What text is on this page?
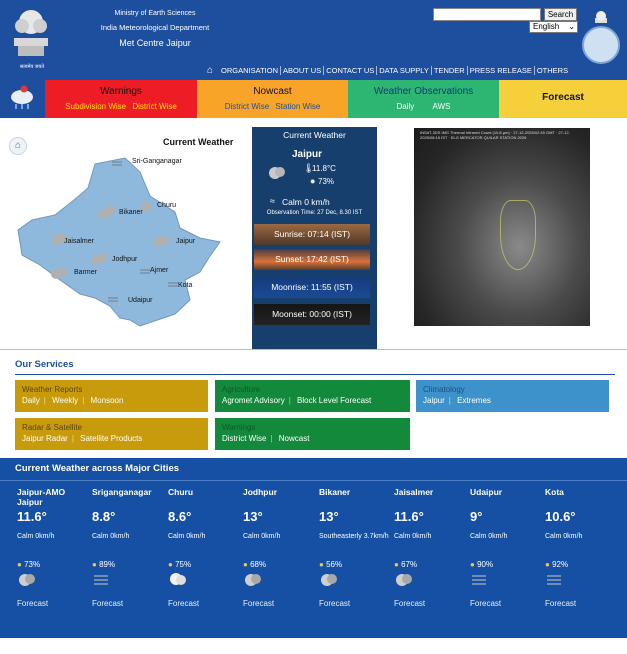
सत्यमेव जयते
Ministry of Earth Sciences
India Meteorological Department
Met Centre Jaipur
Search
English ⌄
⌂ ORGANISATION ABOUT US CONTACT US DATA SUPPLY TENDER PRESS RELEASE OTHERS
Warnings
Subdivision Wise District Wise
Nowcast
District Wise Station Wise
Weather Observations
Daily AWS
Forecast
⌂	Current Weather
Sri-Ganganagar
Churu
Bikaner
Jaisalmer
Jodhpur
Jaipur
Barmer	Ajmer
Kota
Udaipur
Current Weather
Jaipur
🌡
11.8°C
● 73%
≈ Calm 0 km/h
Observation Time: 27 Dec, 8.30 IST
Sunrise: 07:14 (IST)
Sunset: 17:42 (IST)
Moonrise: 11:55 (IST)
Moonset: 00:00 (IST)
INSAT-3DS IMG Thermal Infrared Count (10.8 µm) · 27-12-2025/02:45 GMT · 27-12-2025/08:15 IST · ELG MERCATOR QUILAR STATION 2026
Our Services
Weather Reports
Daily | Weekly | Monsoon
Agriculture
Agromet Advisory | Block Level Forecast
Climatology
Jaipur | Extremes
Radar & Satellite
Jaipur Radar | Satellite Products
Warnings
District Wise | Nowcast
Current Weather across Major Cities
Jaipur-AMO Jaipur
11.6°
Calm 0km/h
● 73%
Forecast
Sriganganagar
8.8°
Calm 0km/h
● 89%
Forecast
Churu
8.6°
Calm 0km/h
● 75%
Forecast
Jodhpur
13°
Calm 0km/h
● 68%
Forecast
Bikaner
13°
Southeasterly 3.7km/h
● 56%
Forecast
Jaisalmer
11.6°
Calm 0km/h
● 67%
Forecast
Udaipur
9°
Calm 0km/h
● 90%
Forecast
Kota
10.6°
Calm 0km/h
● 92%
Forecast
